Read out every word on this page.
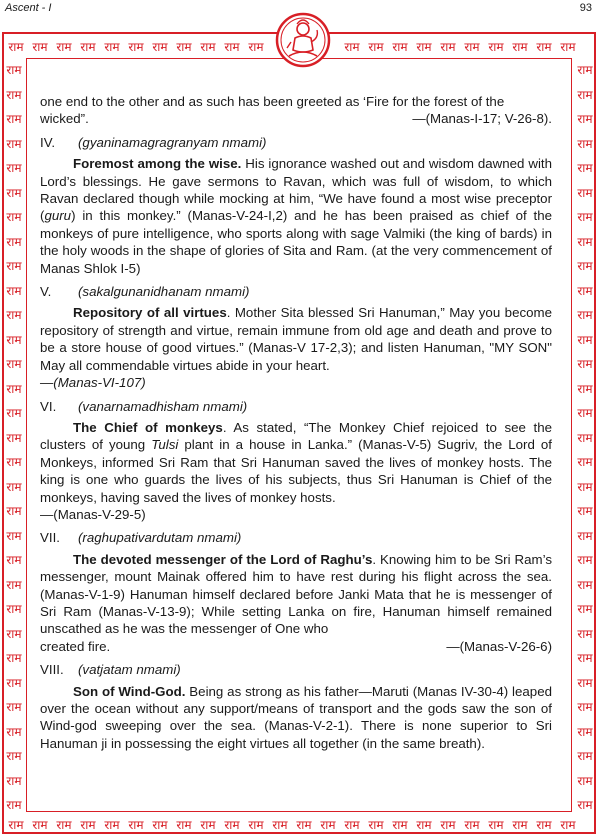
Ascent - I	93
राम राम राम राम राम राम राम राम राम राम राम	राम राम राम राम राम राम राम राम राम राम
राम राम राम राम राम राम राम राम राम राम राम राम राम राम राम राम राम राम राम राम राम राम राम राम
राम
राम
राम
राम
राम
राम
राम
राम
राम
राम
राम
राम
राम
राम
राम
राम
राम
राम
राम
राम
राम
राम
राम
राम
राम
राम
राम
राम
राम
राम
राम
राम
राम
राम
राम
राम
राम
राम
राम
राम
राम
राम
राम
राम
राम
राम
राम
राम
राम
राम
राम
राम
राम
राम
राम
राम
राम
राम
राम
राम
राम
राम

one end to the other and as such has been greeted as ‘Fire for the forest of the

wicked”.	—(Manas-I-17; V-26-8).
IV.	(gyaninamagragranyam nmami)

Foremost among the wise. His ignorance washed out and wisdom dawned with Lord’s blessings. He gave sermons to Ravan, which was full of wisdom, to which Ravan declared though while mocking at him, “We have found a most wise preceptor (guru) in this monkey.” (Manas-V-24-I,2) and he has been praised as chief of the monkeys of pure intelligence, who sports along with sage Valmiki (the king of bards) in the holy woods in the shape of glories of Sita and Ram. (at the very commencement of Manas Shlok I-5)

V.	(sakalgunanidhanam nmami)

Repository of all virtues. Mother Sita blessed Sri Hanuman,” May you become repository of strength and virtue, remain immune from old age and death and prove to be a store house of good virtues.” (Manas-V 17-2,3); and listen Hanuman, "MY SON" May all commendable virtues abide in your heart.

—(Manas-VI-107)

VI.	(vanarnamadhisham nmami)

The Chief of monkeys. As stated, “The Monkey Chief rejoiced to see the clusters of young Tulsi plant in a house in Lanka.” (Manas-V-5) Sugriv, the Lord of Monkeys, informed Sri Ram that Sri Hanuman saved the lives of monkey hosts. The king is one who guards the lives of his subjects, thus Sri Hanuman is Chief of the monkeys, having saved the lives of monkey hosts.

—(Manas-V-29-5)

VII.	(raghupativardutam nmami)

The devoted messenger of the Lord of Raghu’s. Knowing him to be Sri Ram’s messenger, mount Mainak offered him to have rest during his flight across the sea. (Manas-V-1-9) Hanuman himself declared before Janki Mata that he is messenger of Sri Ram (Manas-V-13-9); While setting Lanka on fire, Hanuman himself remained unscathed as he was the messenger of One who

created fire.	—(Manas-V-26-6)
VIII.	(vatjatam nmami)

Son of Wind-God. Being as strong as his father—Maruti (Manas IV-30-4) leaped over the ocean without any support/means of transport and the gods saw the son of Wind-god sweeping over the sea. (Manas-V-2-1). There is none superior to Sri Hanuman ji in possessing the eight virtues all together (in the same breath).
